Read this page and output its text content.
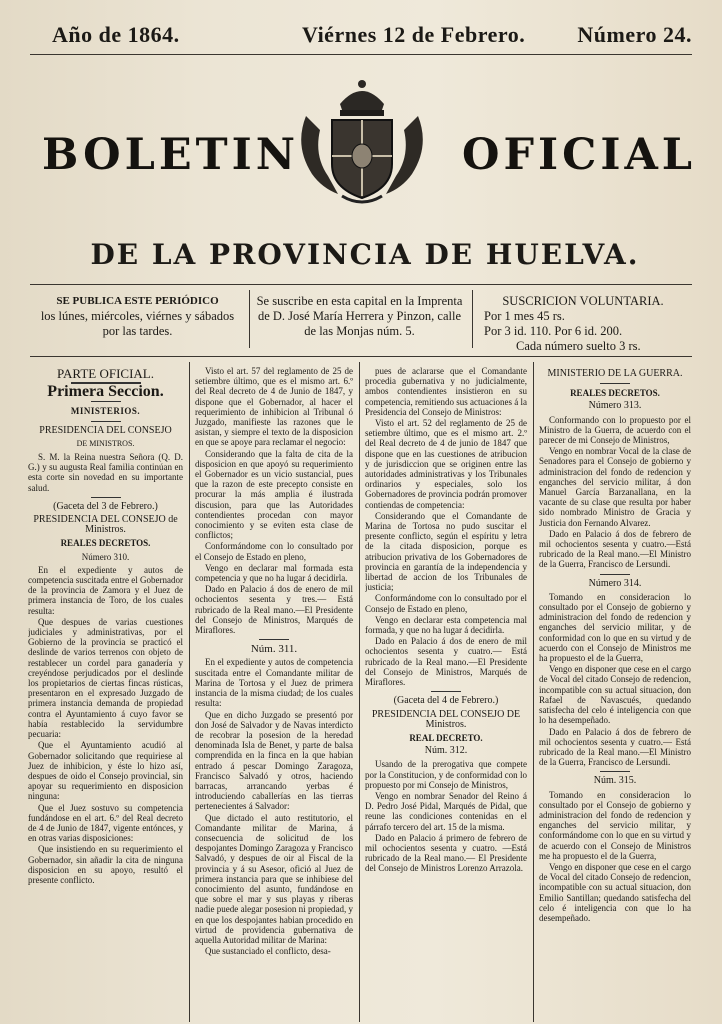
Año de 1864.	Viérnes 12 de Febrero. Número 24.
BOLETIN	OFICIAL
DE LA PROVINCIA DE HUELVA.
SE PUBLICA ESTE PERIÓDICO
los lúnes, miércoles, viérnes y sábados
por las tardes.
Se suscribe en esta capital en la Imprenta
de D. José María Herrera y Pinzon, calle
de las Monjas núm. 5.
SUSCRICION VOLUNTARIA.
Por 1 mes 45 rs.
Por 3 id. 110. Por 6 id. 200.
Cada número suelto 3 rs.

PARTE OFICIAL.

Primera Seccion.

MINISTERIOS.

PRESIDENCIA DEL CONSEJO

DE MINISTROS.

S. M. la Reina nuestra Señora (Q. D. G.) y su augusta Real familia continúan en esta corte sin novedad en su importante salud.

(Gaceta del 3 de Febrero.)

PRESIDENCIA DEL CONSEJO de Ministros.

REALES DECRETOS.

Número 310.

En el expediente y autos de competencia suscitada entre el Gobernador de la provincia de Zamora y el Juez de primera instancia de Toro, de los cuales resulta:

Que despues de varias cuestiones judiciales y administrativas, por el Gobierno de la provincia se practicó el deslinde de varios terrenos con objeto de restablecer un cordel para ganadería y creyéndose perjudicados por el deslinde los propietarios de ciertas fincas rústicas, presentaron en el expresado Juzgado de primera instancia demanda de propiedad contra el Ayuntamiento á cuyo favor se había restablecido la servidumbre pecuaria:

Que el Ayuntamiento acudió al Gobernador solicitando que requiriese al Juez de inhibicion, y éste lo hizo así, despues de oido el Consejo provincial, sin apoyar su requerimiento en disposicion ninguna:

Que el Juez sostuvo su competencia fundándose en el art. 6.º del Real decreto de 4 de Junio de 1847, vigente entónces, y en otras varias disposiciones:

Que insistiendo en su requerimiento el Gobernador, sin añadir la cita de ninguna disposicion en su apoyo, resultó el presente conflicto.

Visto el art. 57 del reglamento de 25 de setiembre último, que es el mismo art. 6.º del Real decreto de 4 de Junio de 1847, y dispone que el Gobernador, al hacer el requerimiento de inhibicion al Tribunal ó Juzgado, manifieste las razones que le asistan, y siempre el texto de la disposicion en que se apoye para reclamar el negocio:

Considerando que la falta de cita de la disposicion en que apoyó su requerimiento el Gobernador es un vicio sustancial, pues que la razon de este precepto consiste en procurar la más amplia é ilustrada discusion, para que las Autoridades contendientes procedan con mayor conocimiento y se eviten esta clase de conflictos;

Conformándome con lo consultado por el Consejo de Estado en pleno,

Vengo en declarar mal formada esta competencia y que no ha lugar á decidirla.

Dado en Palacio á dos de enero de mil ochocientos sesenta y tres.— Está rubricado de la Real mano.—El Presidente del Consejo de Ministros, Marqués de Miraflores.

Núm. 311.

En el expediente y autos de competencia suscitada entre el Comandante militar de Marina de Tortosa y el Juez de primera instancia de la misma ciudad; de los cuales resulta:

Que en dicho Juzgado se presentó por don José de Salvador y de Navas interdicto de recobrar la posesion de la heredad denominada Isla de Benet, y parte de balsa comprendida en la finca en la que habian entrado á pescar Domingo Zaragoza, Francisco Salvadó y otros, haciendo barracas, arrancando yerbas é introduciendo caballerías en las tierras pertenecientes á Salvador:

Que dictado el auto restitutorio, el Comandante militar de Marina, á consecuencia de solicitud de los despojantes Domingo Zaragoza y Francisco Salvadó, y despues de oir al Fiscal de la provincia y á su Asesor, ofició al Juez de primera instancia para que se inhibiese del conocimiento del asunto, fundándose en que sobre el mar y sus playas y riberas nadie puede alegar posesion ni propiedad, y en que los despojantes habian procedido en virtud de providencia gubernativa de aquella Autoridad militar de Marina:

Que sustanciado el conflicto, desa-

pues de aclararse que el Comandante procedia gubernativa y no judicialmente, ambos contendientes insistieron en su competencia, remitiendo sus actuaciones á la Presidencia del Consejo de Ministros:

Visto el art. 52 del reglamento de 25 de setiembre último, que es el mismo art. 2.º del Real decreto de 4 de junio de 1847 que dispone que en las cuestiones de atribucion y de jurisdiccion que se originen entre las autoridades administrativas y los Tribunales ordinarios y especiales, solo los Gobernadores de provincia podrán promover contiendas de competencia:

Considerando que el Comandante de Marina de Tortosa no pudo suscitar el presente conflicto, según el espíritu y letra de la citada disposicion, porque es atribucion privativa de los Gobernadores de provincia en garantía de la independencia y libertad de accion de los Tribunales de justicia;

Conformándome con lo consultado por el Consejo de Estado en pleno,

Vengo en declarar esta competencia mal formada, y que no ha lugar á decidirla.

Dado en Palacio á dos de enero de mil ochocientos sesenta y cuatro.— Está rubricado de la Real mano.—El Presidente del Consejo de Ministros, Marqués de Miraflores.

(Gaceta del 4 de Febrero.)

PRESIDENCIA DEL CONSEJO DE Ministros.

REAL DECRETO.

Núm. 312.

Usando de la prerogativa que compete por la Constitucion, y de conformidad con lo propuesto por mi Consejo de Ministros,

Vengo en nombrar Senador del Reino á D. Pedro José Pidal, Marqués de Pidal, que reune las condiciones contenidas en el párrafo tercero del art. 15 de la misma.

Dado en Palacio á primero de febrero de mil ochocientos sesenta y cuatro. —Está rubricado de la Real mano.— El Presidente del Consejo de Ministros Lorenzo Arrazola.

MINISTERIO DE LA GUERRA.

REALES DECRETOS.

Número 313.

Conformando con lo propuesto por el Ministro de la Guerra, de acuerdo con el parecer de mi Consejo de Ministros,

Vengo en nombrar Vocal de la clase de Senadores para el Consejo de gobierno y administracion del fondo de redencion y enganches del servicio militar, á don Manuel García Barzanallana, en la vacante de su clase que resulta por haber sido nombrado Ministro de Gracia y Justicia don Fernando Alvarez.

Dado en Palacio á dos de febrero de mil ochocientos sesenta y cuatro.—Está rubricado de la Real mano.—El Ministro de la Guerra, Francisco de Lersundi.

Número 314.

Tomando en consideracion lo consultado por el Consejo de gobierno y administracion del fondo de redencion y enganches del servicio militar, y de conformidad con lo que en su virtud y de acuerdo con el Consejo de Ministros me ha propuesto el de la Guerra,

Vengo en disponer que cese en el cargo de Vocal del citado Consejo de redencion, incompatible con su actual situacion, don Rafael de Navascués, quedando satisfecha del celo é inteligencia con que lo ha desempeñado.

Dado en Palacio á dos de febrero de mil ochocientos sesenta y cuatro.— Está rubricado de la Real mano.—El Ministro de la Guerra, Francisco de Lersundi.

Núm. 315.

Tomando en consideracion lo consultado por el Consejo de gobierno y administracion del fondo de redencion y enganches del servicio militar, y conformándome con lo que en su virtud y de acuerdo con el Consejo de Ministros me ha propuesto el de la Guerra,

Vengo en disponer que cese en el cargo de Vocal del citado Consejo de redencion, incompatible con su actual situacion, don Emilio Santillan; quedando satisfecha del celo é inteligencia con que lo ha desempeñado.
